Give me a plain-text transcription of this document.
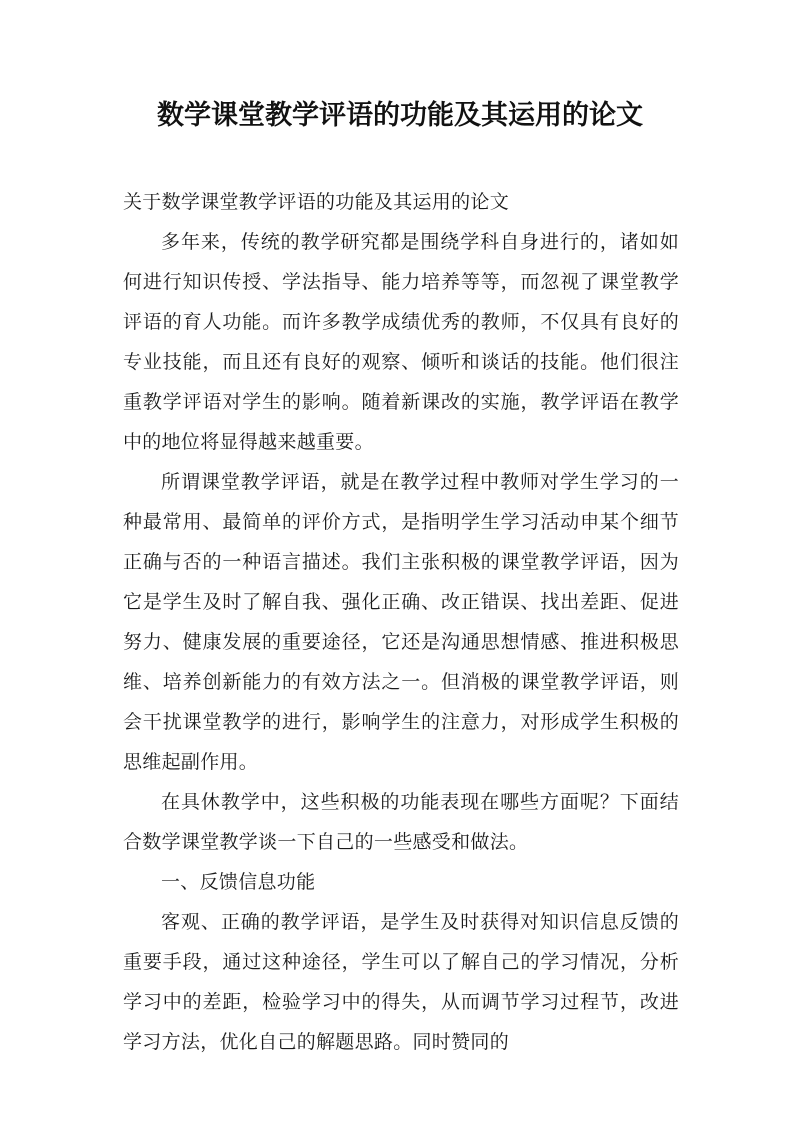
数学课堂教学评语的功能及其运用的论文

关于数学课堂教学评语的功能及其运用的论文

多年来，传统的教学研究都是围绕学科自身进行的，诸如如何进行知识传授、学法指导、能力培养等等，而忽视了课堂教学评语的育人功能。而许多教学成绩优秀的教师，不仅具有良好的专业技能，而且还有良好的观察、倾听和谈话的技能。他们很注重教学评语对学生的影响。随着新课改的实施，教学评语在教学中的地位将显得越来越重要。

所谓课堂教学评语，就是在教学过程中教师对学生学习的一种最常用、最简单的评价方式，是指明学生学习活动申某个细节正确与否的一种语言描述。我们主张积极的课堂教学评语，因为它是学生及时了解自我、强化正确、改正错误、找出差距、促进努力、健康发展的重要途径，它还是沟通思想情感、推进积极思维、培养创新能力的有效方法之一。但消极的课堂教学评语，则会干扰课堂教学的进行，影响学生的注意力，对形成学生积极的思维起副作用。

在具休教学中，这些积极的功能表现在哪些方面呢？下面结合数学课堂教学谈一下自己的一些感受和做法。

一、反馈信息功能

客观、正确的教学评语，是学生及时获得对知识信息反馈的重要手段，通过这种途径，学生可以了解自己的学习情况，分析学习中的差距，检验学习中的得失，从而调节学习过程节，改进学习方法，优化自己的解题思路。同时赞同的
